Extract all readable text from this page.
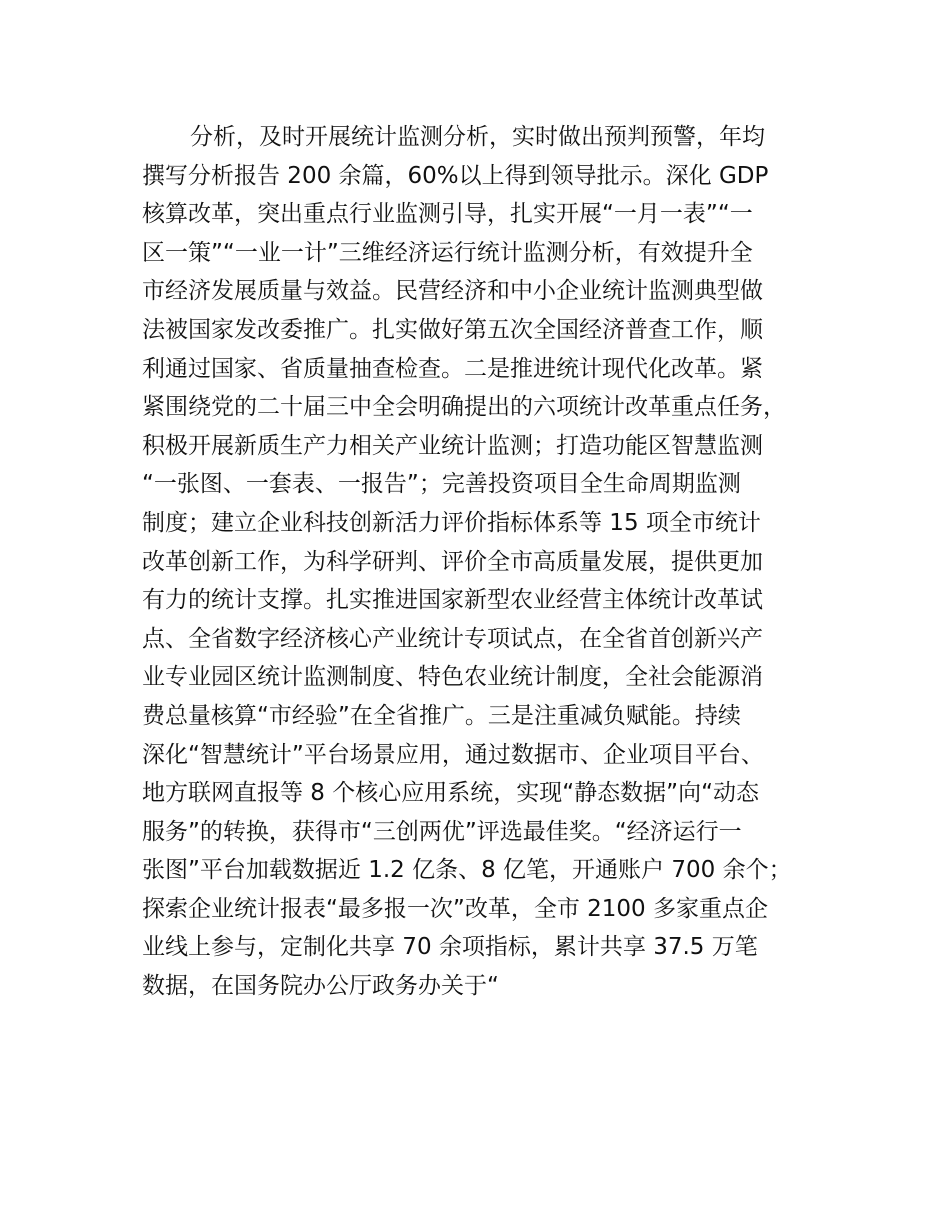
分析，及时开展统计监测分析，实时做出预判预警，年均
撰写分析报告 200 余篇，60%以上得到领导批示。深化 GDP
核算改革，突出重点行业监测引导，扎实开展“一月一表”“一
区一策”“一业一计”三维经济运行统计监测分析，有效提升全
市经济发展质量与效益。民营经济和中小企业统计监测典型做
法被国家发改委推广。扎实做好第五次全国经济普查工作，顺
利通过国家、省质量抽查检查。二是推进统计现代化改革。紧
紧围绕党的二十届三中全会明确提出的六项统计改革重点任务，
积极开展新质生产力相关产业统计监测；打造功能区智慧监测
“一张图、一套表、一报告”；完善投资项目全生命周期监测
制度；建立企业科技创新活力评价指标体系等 15 项全市统计
改革创新工作，为科学研判、评价全市高质量发展，提供更加
有力的统计支撑。扎实推进国家新型农业经营主体统计改革试
点、全省数字经济核心产业统计专项试点，在全省首创新兴产
业专业园区统计监测制度、特色农业统计制度，全社会能源消
费总量核算“市经验”在全省推广。三是注重减负赋能。持续
深化“智慧统计”平台场景应用，通过数据市、企业项目平台、
地方联网直报等 8 个核心应用系统，实现“静态数据”向“动态
服务”的转换，获得市“三创两优”评选最佳奖。“经济运行一
张图”平台加载数据近 1.2 亿条、8 亿笔，开通账户 700 余个；
探索企业统计报表“最多报一次”改革，全市 2100 多家重点企
业线上参与，定制化共享 70 余项指标，累计共享 37.5 万笔
数据，在国务院办公厅政务办关于“
